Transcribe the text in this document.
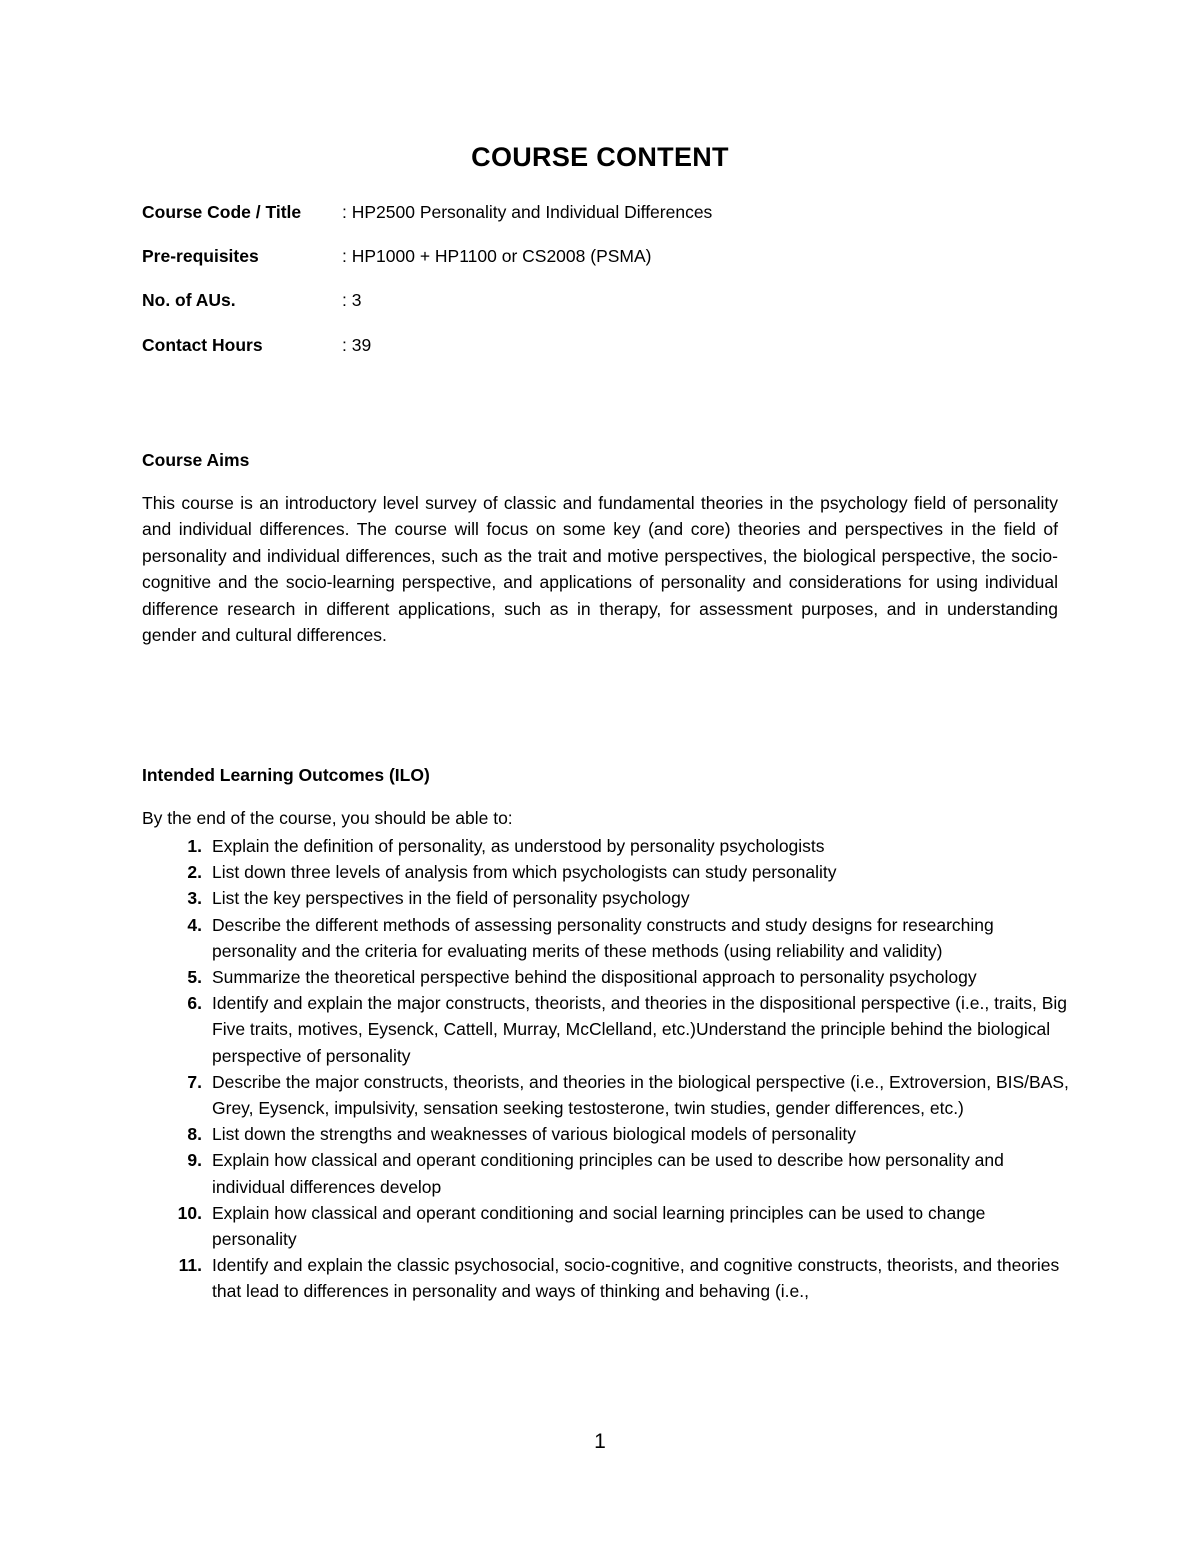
COURSE CONTENT
Course Code / Title : HP2500 Personality and Individual Differences
Pre-requisites	: HP1000 + HP1100 or CS2008 (PSMA)
No. of AUs.	: 3
Contact Hours	: 39
Course Aims

This course is an introductory level survey of classic and fundamental theories in the psychology field of personality and individual differences. The course will focus on some key (and core) theories and perspectives in the field of personality and individual differences, such as the trait and motive perspectives, the biological perspective, the socio-cognitive and the socio-learning perspective, and applications of personality and considerations for using individual difference research in different applications, such as in therapy, for assessment purposes, and in understanding gender and cultural differences.

Intended Learning Outcomes (ILO)
By the end of the course, you should be able to:
1. Explain the definition of personality, as understood by personality psychologists
2. List down three levels of analysis from which psychologists can study personality
3. List the key perspectives in the field of personality psychology
4. Describe the different methods of assessing personality constructs and study designs for researching personality and the criteria for evaluating merits of these methods (using reliability and validity)
5. Summarize the theoretical perspective behind the dispositional approach to personality psychology
6. Identify and explain the major constructs, theorists, and theories in the dispositional perspective (i.e., traits, Big Five traits, motives, Eysenck, Cattell, Murray, McClelland, etc.)Understand the principle behind the biological perspective of personality
7. Describe the major constructs, theorists, and theories in the biological perspective (i.e., Extroversion, BIS/BAS, Grey, Eysenck, impulsivity, sensation seeking testosterone, twin studies, gender differences, etc.)
8. List down the strengths and weaknesses of various biological models of personality
9. Explain how classical and operant conditioning principles can be used to describe how personality and individual differences develop
10. Explain how classical and operant conditioning and social learning principles can be used to change personality
11. Identify and explain the classic psychosocial, socio-cognitive, and cognitive constructs, theorists, and theories that lead to differences in personality and ways of thinking and behaving (i.e.,
1
